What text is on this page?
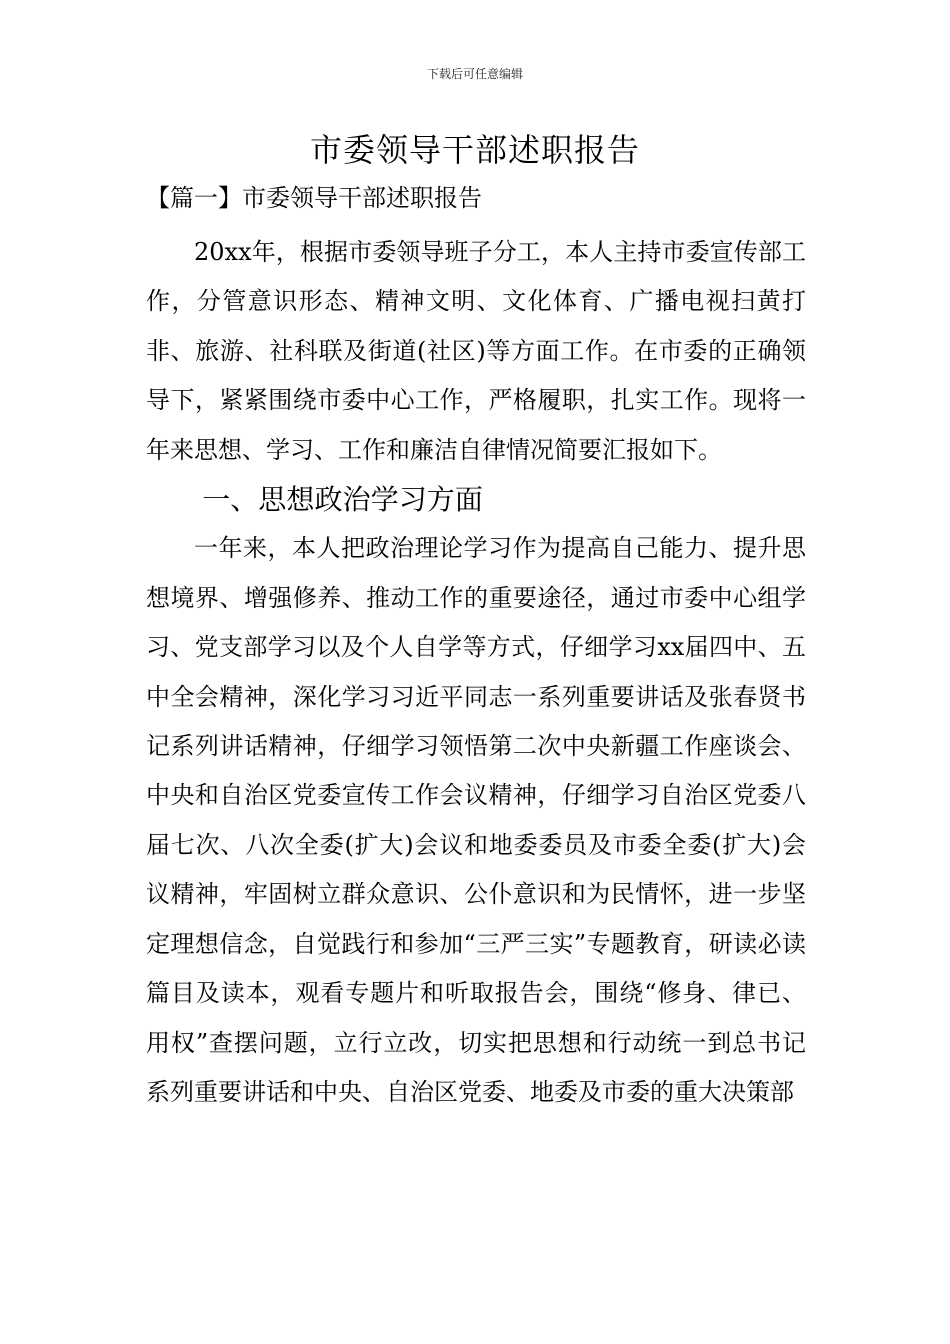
下载后可任意编辑
市委领导干部述职报告
【篇一】市委领导干部述职报告

20xx年，根据市委领导班子分工，本人主持市委宣传部工作，分管意识形态、精神文明、文化体育、广播电视扫黄打非、旅游、社科联及街道(社区)等方面工作。在市委的正确领导下，紧紧围绕市委中心工作，严格履职，扎实工作。现将一年来思想、学习、工作和廉洁自律情况简要汇报如下。

一、思想政治学习方面

一年来，本人把政治理论学习作为提高自己能力、提升思想境界、增强修养、推动工作的重要途径，通过市委中心组学习、党支部学习以及个人自学等方式，仔细学习xx届四中、五中全会精神，深化学习习近平同志一系列重要讲话及张春贤书记系列讲话精神，仔细学习领悟第二次中央新疆工作座谈会、中央和自治区党委宣传工作会议精神，仔细学习自治区党委八届七次、八次全委(扩大)会议和地委委员及市委全委(扩大)会议精神，牢固树立群众意识、公仆意识和为民情怀，进一步坚定理想信念，自觉践行和参加“三严三实”专题教育，研读必读篇目及读本，观看专题片和听取报告会，围绕“修身、律已、用权”查摆问题，立行立改，切实把思想和行动统一到总书记系列重要讲话和中央、自治区党委、地委及市委的重大决策部
